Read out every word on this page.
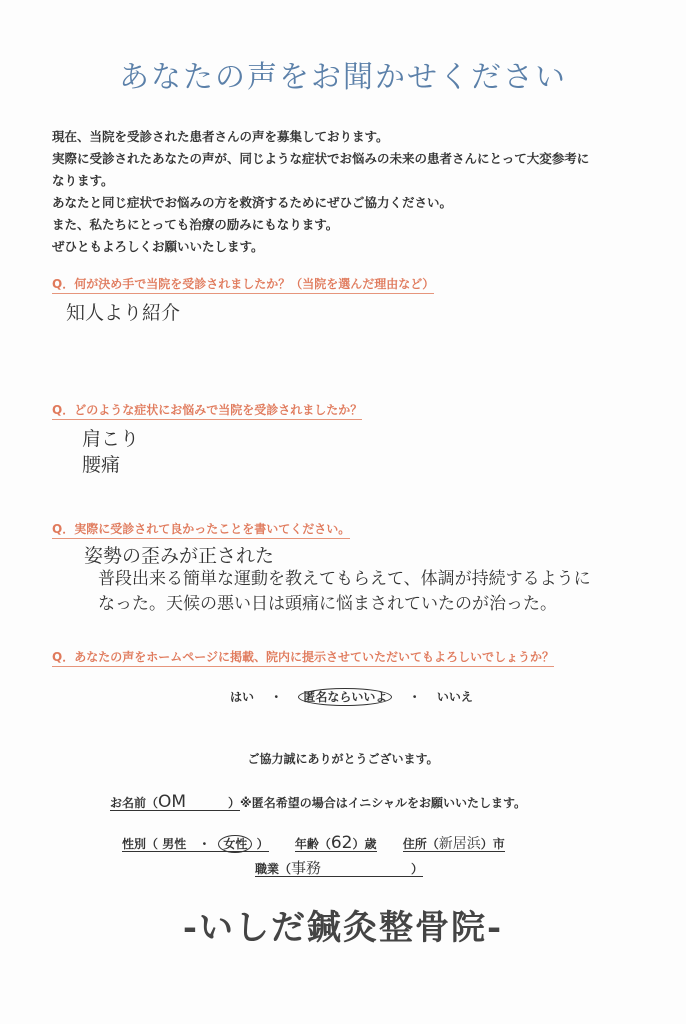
あなたの声をお聞かせください
現在、当院を受診された患者さんの声を募集しております。
実際に受診されたあなたの声が、同じような症状でお悩みの未来の患者さんにとって大変参考に
なります。
あなたと同じ症状でお悩みの方を救済するためにぜひご協力ください。
また、私たちにとっても治療の励みにもなります。
ぜひともよろしくお願いいたします。
Q．何が決め手で当院を受診されましたか？（当院を選んだ理由など）
知人より紹介
Q．どのような症状にお悩みで当院を受診されましたか？
肩こり
腰痛
Q．実際に受診されて良かったことを書いてください。
姿勢の歪みが正された
普段出来る簡単な運動を教えてもらえて、体調が持続するように
なった。天候の悪い日は頭痛に悩まされていたのが治った。
Q．あなたの声をホームページに掲載、院内に提示させていただいてもよろしいでしょうか？
はい ・ 匿名ならいいよ ・ いいえ
ご協力誠にありがとうございます。
お名前（OM	）※匿名希望の場合はイニシャルをお願いいたします。
性別（ 男性 ・ 女性 ） 年齢（62）歳 住所（新居浜）市
職業（事務	）
-いしだ鍼灸整骨院-
